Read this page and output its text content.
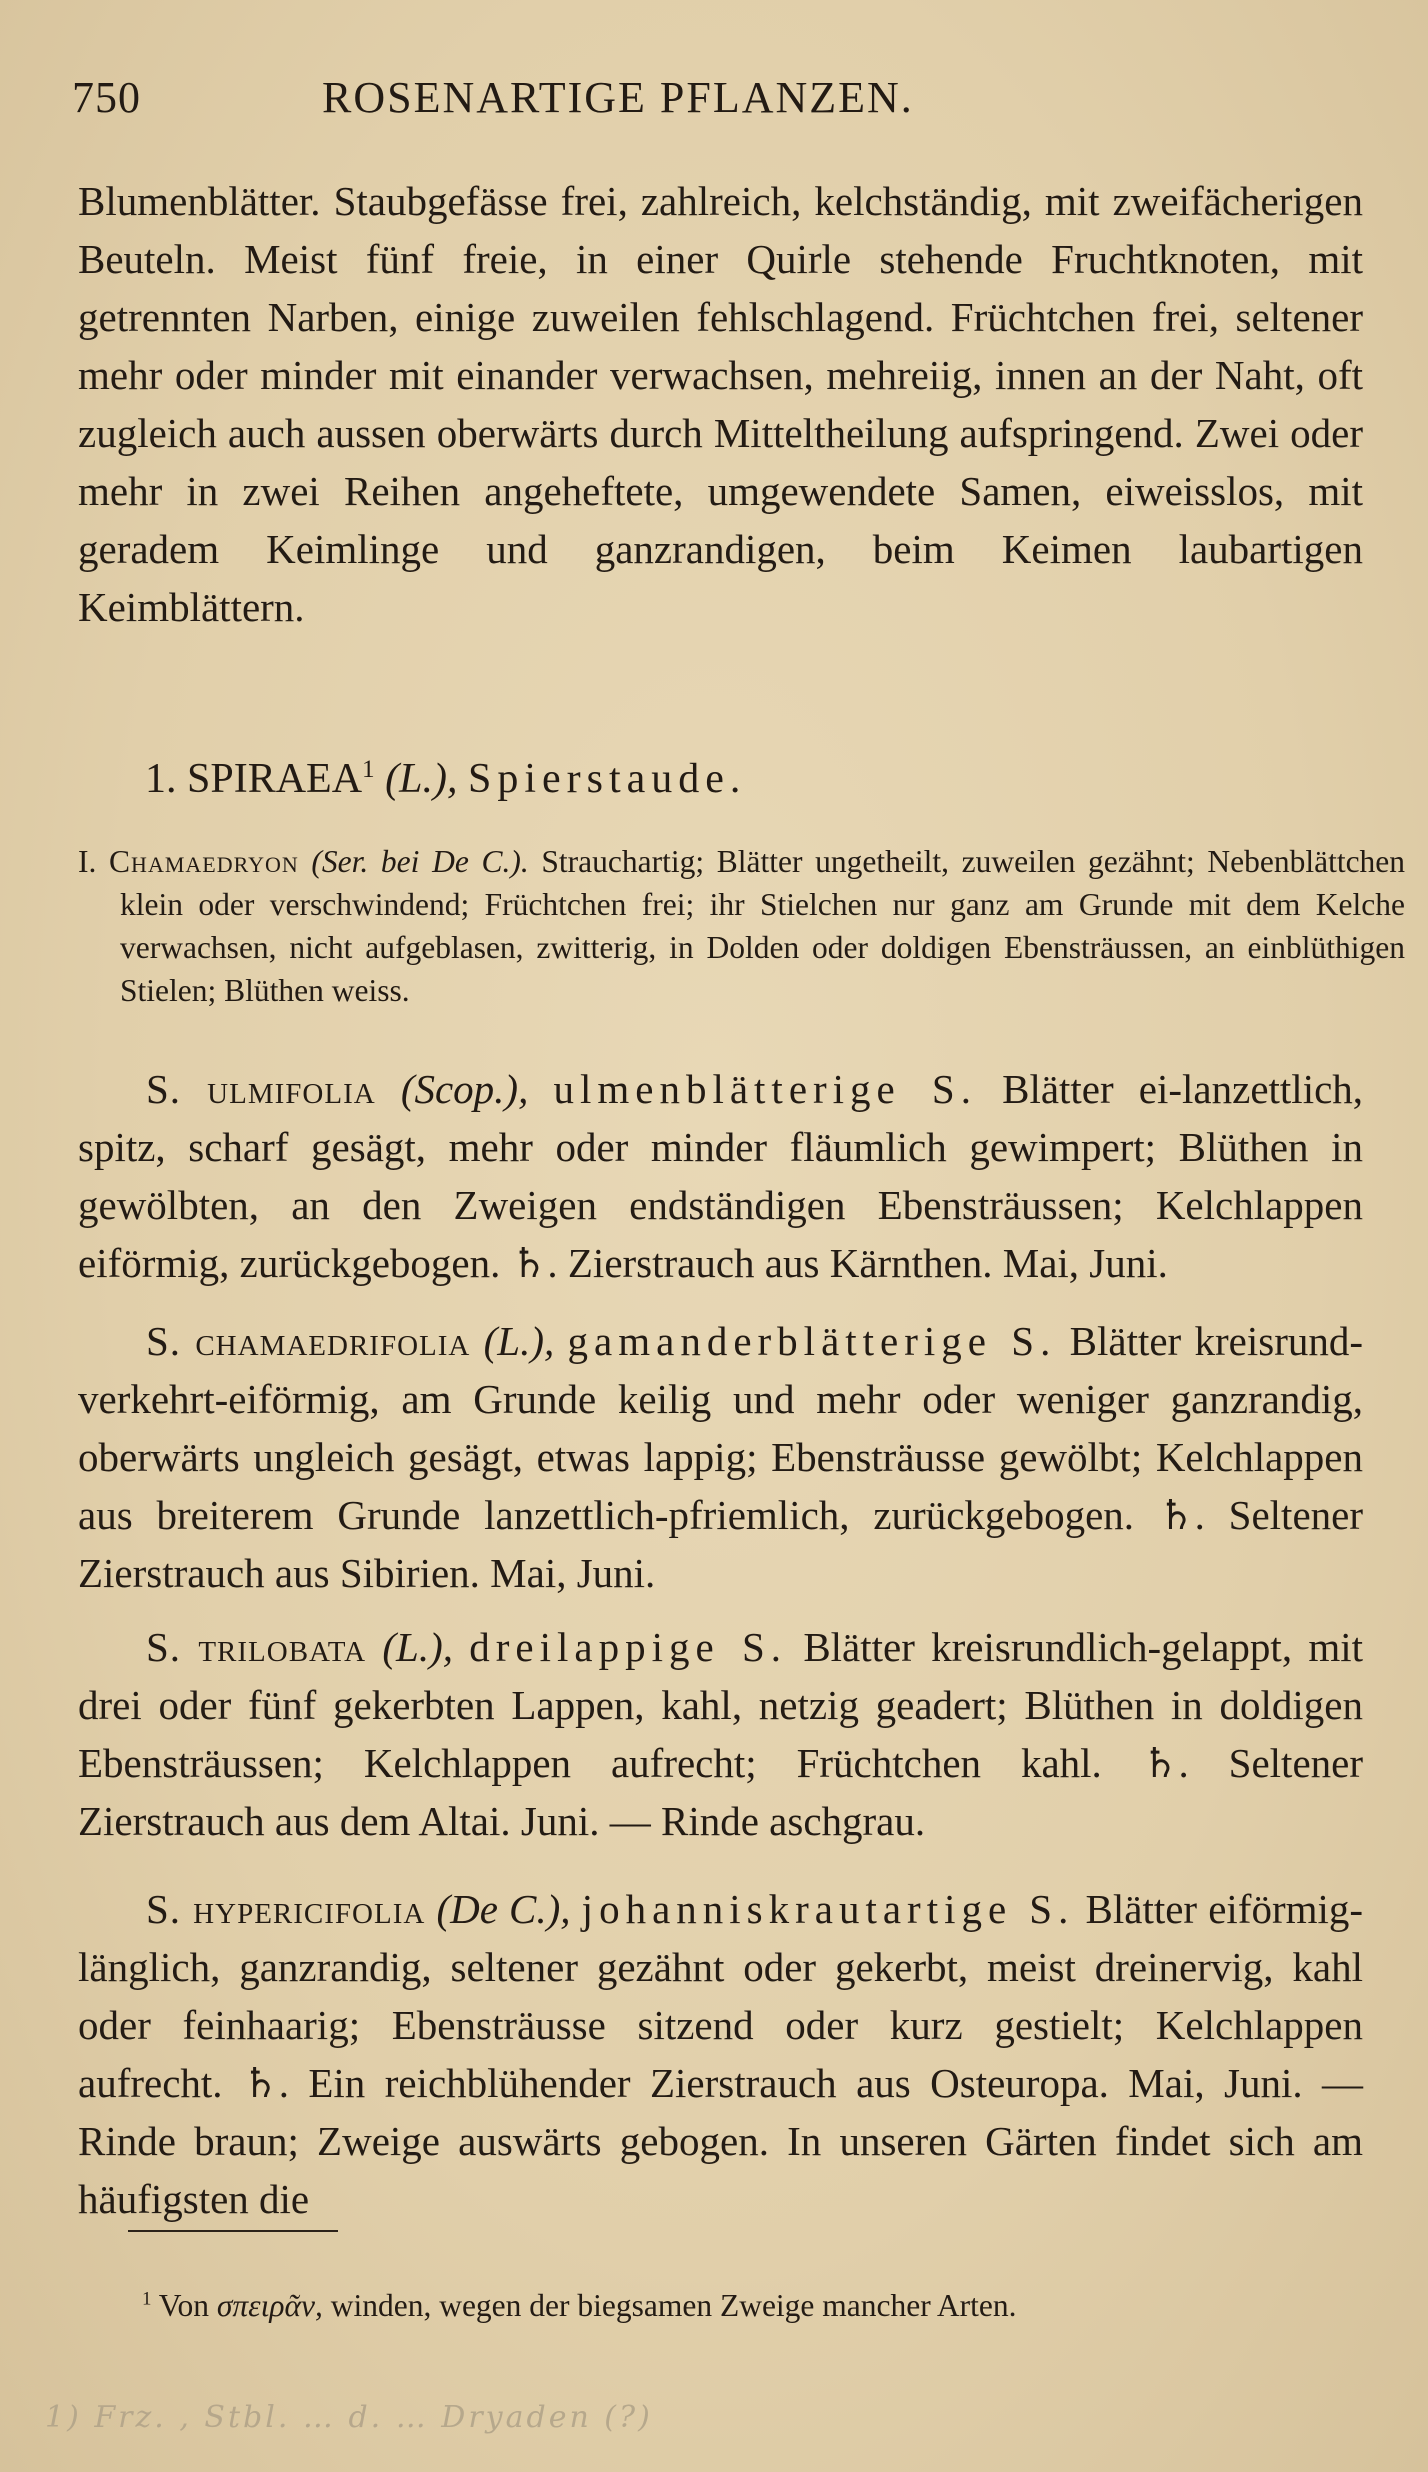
750	ROSENARTIGE PFLANZEN.
Blumenblätter. Staubgefässe frei, zahlreich, kelchständig, mit zweifächerigen Beuteln. Meist fünf freie, in einer Quirle stehende Fruchtknoten, mit getrennten Narben, einige zuweilen fehlschlagend. Früchtchen frei, seltener mehr oder minder mit einander verwachsen, mehreiig, innen an der Naht, oft zugleich auch aussen oberwärts durch Mitteltheilung aufspringend. Zwei oder mehr in zwei Reihen angeheftete, umgewendete Samen, eiweisslos, mit geradem Keimlinge und ganzrandigen, beim Keimen laubartigen Keimblättern.
1. SPIRAEA$^1$ (L.), Spierstaude.
I. Chamaedryon (Ser. bei De C.). Strauchartig; Blätter ungetheilt, zuweilen gezähnt; Nebenblättchen klein oder verschwindend; Früchtchen frei; ihr Stielchen nur ganz am Grunde mit dem Kelche verwachsen, nicht aufgeblasen, zwitterig, in Dolden oder doldigen Ebensträussen, an einblüthigen Stielen; Blüthen weiss.
S. ulmifolia (Scop.), ulmenblätterige S. Blätter ei-lanzettlich, spitz, scharf gesägt, mehr oder minder fläumlich gewimpert; Blüthen in gewölbten, an den Zweigen endständigen Ebensträussen; Kelchlappen eiförmig, zurückgebogen. ♄. Zierstrauch aus Kärnthen. Mai, Juni.
S. chamaedrifolia (L.), gamanderblätterige S. Blätter kreisrund-verkehrt-eiförmig, am Grunde keilig und mehr oder weniger ganzrandig, oberwärts ungleich gesägt, etwas lappig; Ebensträusse gewölbt; Kelchlappen aus breiterem Grunde lanzettlich-pfriemlich, zurückgebogen. ♄. Seltener Zierstrauch aus Sibirien. Mai, Juni.
S. trilobata (L.), dreilappige S. Blätter kreisrundlich-gelappt, mit drei oder fünf gekerbten Lappen, kahl, netzig geadert; Blüthen in doldigen Ebensträussen; Kelchlappen aufrecht; Früchtchen kahl. ♄. Seltener Zierstrauch aus dem Altai. Juni. — Rinde aschgrau.
S. hypericifolia (De C.), johanniskrautartige S. Blätter eiförmig-länglich, ganzrandig, seltener gezähnt oder gekerbt, meist dreinervig, kahl oder feinhaarig; Ebensträusse sitzend oder kurz gestielt; Kelchlappen aufrecht. ♄. Ein reichblühender Zierstrauch aus Osteuropa. Mai, Juni. — Rinde braun; Zweige auswärts gebogen. In unseren Gärten findet sich am häufigsten die
$^1$ Von σπειρᾶν, winden, wegen der biegsamen Zweige mancher Arten.
1) Frz. , Stbl. … d. … Dryaden (?)
